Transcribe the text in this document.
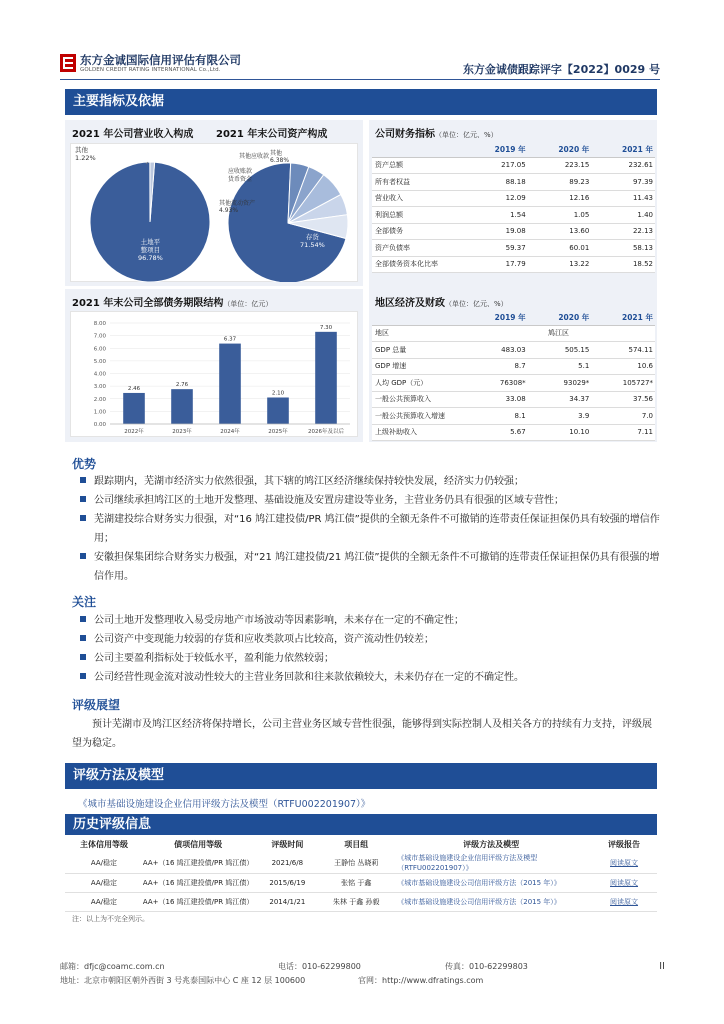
东方金诚国际信用评估有限公司
GOLDEN CREDIT RATING INTERNATIONAL Co.,Ltd.	东方金诚债跟踪评字【2022】0029 号
主要指标及依据
2021 年公司营业收入构成 2021 年末公司资产构成
其他
1.22%
土地平
整项目
96.78%
其他应收款 其他
6.38%
应收账款
货币资金
其他流动资产
4.93%
存货
71.54%
2021 年末公司全部债务期限结构（单位：亿元）
0.00
1.00
2.00
3.00
4.00
5.00
6.00
7.00
8.00
2.46
2022年
2.76
2023年
6.37
2024年
2.10
2025年
7.30
2026年及以后
公司财务指标（单位：亿元、%）
	2019 年	2020 年	2021 年
资产总额	217.05	223.15	232.61
所有者权益	88.18	89.23	97.39
营业收入	12.09	12.16	11.43
利润总额	1.54	1.05	1.40
全部债务	19.08	13.60	22.13
资产负债率	59.37	60.01	58.13
全部债务资本化比率	17.79	13.22	18.52
地区经济及财政（单位：亿元、%）
	2019 年	2020 年	2021 年
地区	鸠江区		
GDP 总量	483.03	505.15	574.11
GDP 增速	8.7	5.1	10.6
人均 GDP（元）	76308*	93029*	105727*
一般公共预算收入	33.08	34.37	37.56
一般公共预算收入增速	8.1	3.9	7.0
上级补助收入	5.67	10.10	7.11
优势
跟踪期内，芜湖市经济实力依然很强，其下辖的鸠江区经济继续保持较快发展，经济实力仍较强；
公司继续承担鸠江区的土地开发整理、基础设施及安置房建设等业务，主营业务仍具有很强的区域专营性；
芜湖建投综合财务实力很强，对“16 鸠江建投债/PR 鸠江债”提供的全额无条件不可撤销的连带责任保证担保仍具有较强的增信作用；
安徽担保集团综合财务实力极强，对“21 鸠江建投债/21 鸠江债”提供的全额无条件不可撤销的连带责任保证担保仍具有很强的增信作用。
关注
公司土地开发整理收入易受房地产市场波动等因素影响，未来存在一定的不确定性；
公司资产中变现能力较弱的存货和应收类款项占比较高，资产流动性仍较差；
公司主要盈利指标处于较低水平，盈利能力依然较弱；
公司经营性现金流对波动性较大的主营业务回款和往来款依赖较大，未来仍存在一定的不确定性。
评级展望
预计芜湖市及鸠江区经济将保持增长，公司主营业务区域专营性很强，能够得到实际控制人及相关各方的持续有力支持，评级展望为稳定。
评级方法及模型
《城市基础设施建设企业信用评级方法及模型（RTFU002201907）》
历史评级信息
主体信用等级	债项信用等级	评级时间	项目组	评级方法及模型	评级报告
AA/稳定	AA+（16 鸠江建投债/PR 鸠江债）	2021/6/8	王静怡 丛晓莉	《城市基础设施建设企业信用评级方法及模型（RTFU002201907）》	阅读原文
AA/稳定	AA+（16 鸠江建投债/PR 鸠江债）	2015/6/19	张铭 于鑫	《城市基础设施建设公司信用评级方法（2015 年）》	阅读原文
AA/稳定	AA+（16 鸠江建投债/PR 鸠江债）	2014/1/21	朱林 于鑫 孙毅	《城市基础设施建设公司信用评级方法（2015 年）》	阅读原文
注：以上为不完全列示。
邮箱：dfjc@coamc.com.cn	电话：010-62299800	传真：010-62299803	II
地址：北京市朝阳区朝外西街 3 号兆泰国际中心 C 座 12 层 100600	官网：http://www.dfratings.com
